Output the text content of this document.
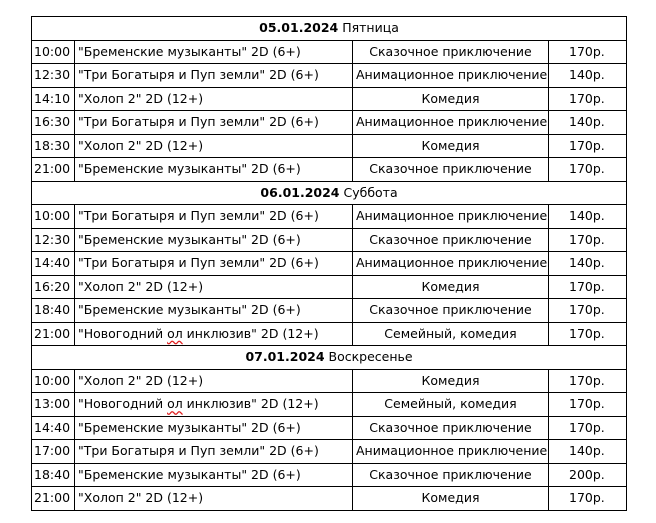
05.01.2024 Пятница			
10:00	"Бременские музыканты" 2D (6+)	Сказочное приключение	170р.
12:30	"Три Богатыря и Пуп земли" 2D (6+)	Анимационное приключение	140р.
14:10	"Холоп 2" 2D (12+)	Комедия	170р.
16:30	"Три Богатыря и Пуп земли" 2D (6+)	Анимационное приключение	140р.
18:30	"Холоп 2" 2D (12+)	Комедия	170р.
21:00	"Бременские музыканты" 2D (6+)	Сказочное приключение	170р.
06.01.2024 Суббота			
10:00	"Три Богатыря и Пуп земли" 2D (6+)	Анимационное приключение	140р.
12:30	"Бременские музыканты" 2D (6+)	Сказочное приключение	170р.
14:40	"Три Богатыря и Пуп земли" 2D (6+)	Анимационное приключение	140р.
16:20	"Холоп 2" 2D (12+)	Комедия	170р.
18:40	"Бременские музыканты" 2D (6+)	Сказочное приключение	170р.
21:00	"Новогодний ол инклюзив" 2D (12+)	Семейный, комедия	170р.
07.01.2024 Воскресенье			
10:00	"Холоп 2" 2D (12+)	Комедия	170р.
13:00	"Новогодний ол инклюзив" 2D (12+)	Семейный, комедия	170р.
14:40	"Бременские музыканты" 2D (6+)	Сказочное приключение	170р.
17:00	"Три Богатыря и Пуп земли" 2D (6+)	Анимационное приключение	140р.
18:40	"Бременские музыканты" 2D (6+)	Сказочное приключение	200р.
21:00	"Холоп 2" 2D (12+)	Комедия	170р.
